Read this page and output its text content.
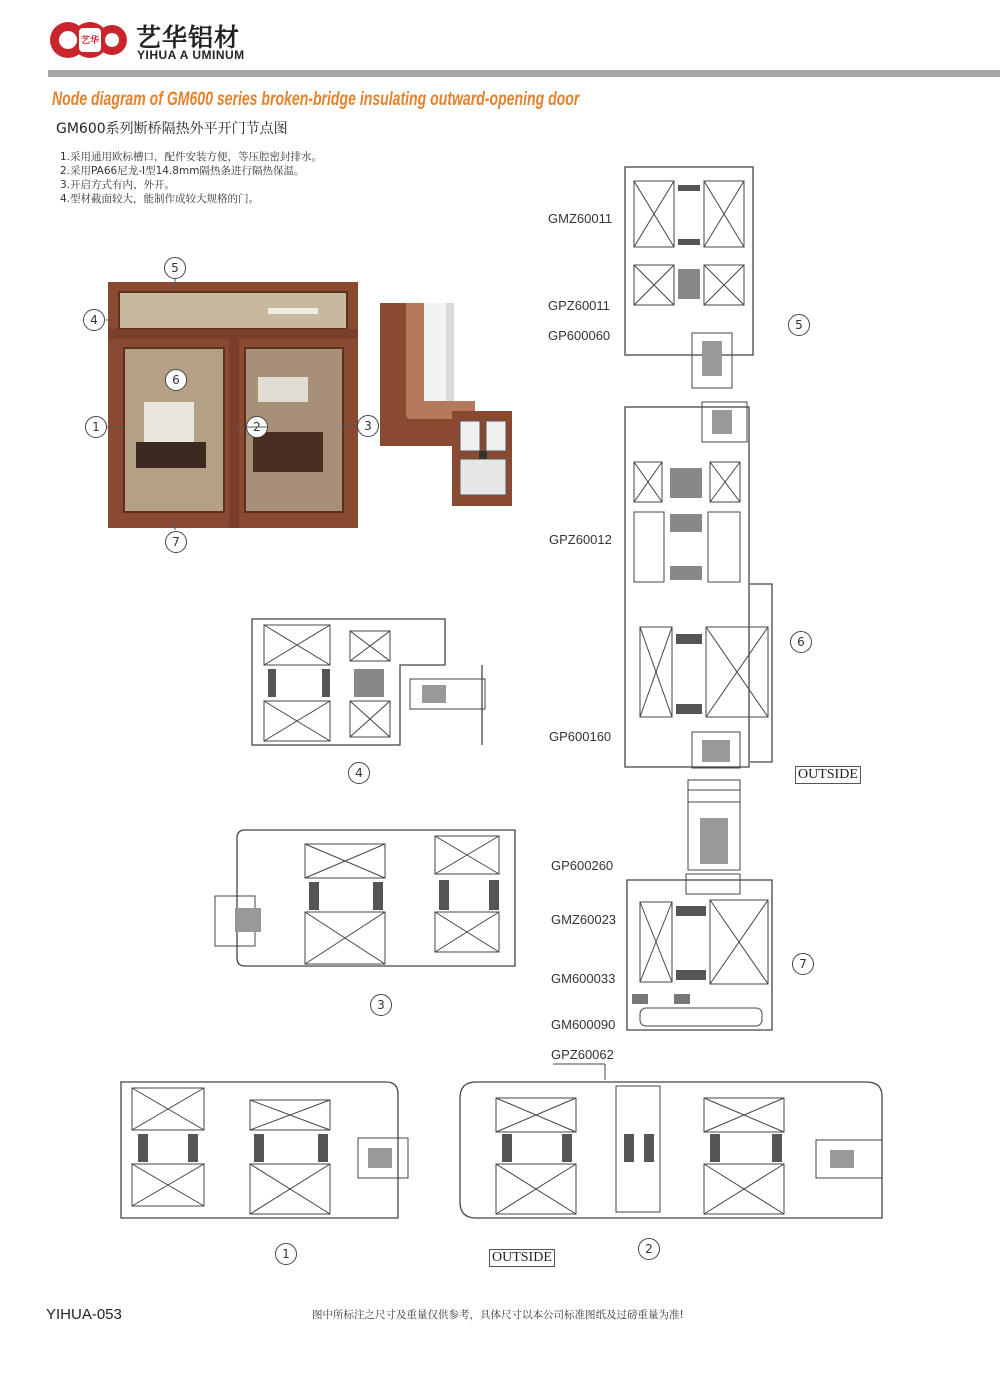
艺华 艺华铝材
YIHUA A UMINUM
Node diagram of GM600 series broken-bridge insulating outward-opening door
GM600系列断桥隔热外平开门节点图
1.采用通用欧标槽口，配件安装方便，等压腔密封排水。
2.采用PA66尼龙-Ⅰ型14.8mm隔热条进行隔热保温。
3.开启方式有内、外开。
4.型材截面较大，能制作成较大规格的门。
5
4
6
1	2	3
7
GMZ60011
GPZ60011
GP600060
GPZ60012
GP600160
GP600260
GMZ60023
GM600033
GM600090
GPZ60062
5
6
7
OUTSIDE
4
3
1	2
OUTSIDE
YIHUA-053	图中所标注之尺寸及重量仅供参考，具体尺寸以本公司标准图纸及过磅重量为准!
